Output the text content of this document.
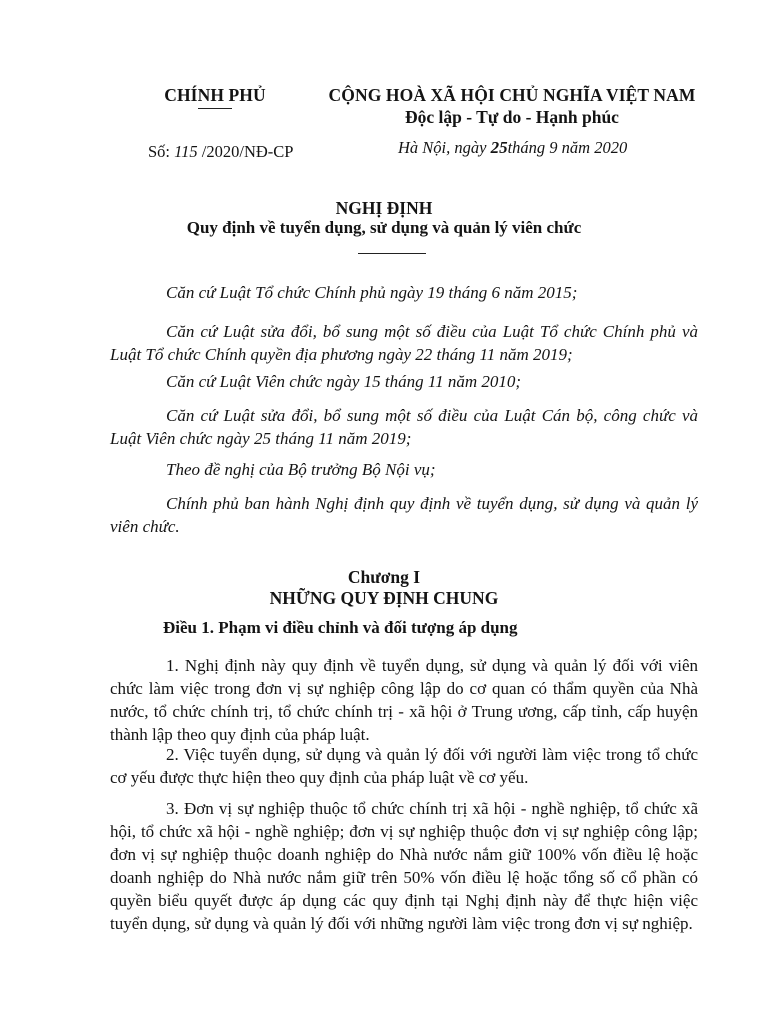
CHÍNH PHỦ
Số: 115 /2020/NĐ-CP
CỘNG HOÀ XÃ HỘI CHỦ NGHĨA VIỆT NAM
Độc lập - Tự do - Hạnh phúc
Hà Nội, ngày 25tháng 9 năm 2020
NGHỊ ĐỊNH
Quy định về tuyển dụng, sử dụng và quản lý viên chức

Căn cứ Luật Tổ chức Chính phủ ngày 19 tháng 6 năm 2015;

Căn cứ Luật sửa đổi, bổ sung một số điều của Luật Tổ chức Chính phủ và Luật Tổ chức Chính quyền địa phương ngày 22 tháng 11 năm 2019;

Căn cứ Luật Viên chức ngày 15 tháng 11 năm 2010;

Căn cứ Luật sửa đổi, bổ sung một số điều của Luật Cán bộ, công chức và Luật Viên chức ngày 25 tháng 11 năm 2019;

Theo đề nghị của Bộ trưởng Bộ Nội vụ;

Chính phủ ban hành Nghị định quy định về tuyển dụng, sử dụng và quản lý viên chức.

Chương I
NHỮNG QUY ĐỊNH CHUNG
Điều 1. Phạm vi điều chỉnh và đối tượng áp dụng

1. Nghị định này quy định về tuyển dụng, sử dụng và quản lý đối với viên chức làm việc trong đơn vị sự nghiệp công lập do cơ quan có thẩm quyền của Nhà nước, tổ chức chính trị, tổ chức chính trị - xã hội ở Trung ương, cấp tỉnh, cấp huyện thành lập theo quy định của pháp luật.

2. Việc tuyển dụng, sử dụng và quản lý đối với người làm việc trong tổ chức cơ yếu được thực hiện theo quy định của pháp luật về cơ yếu.

3. Đơn vị sự nghiệp thuộc tổ chức chính trị xã hội - nghề nghiệp, tổ chức xã hội, tổ chức xã hội - nghề nghiệp; đơn vị sự nghiệp thuộc đơn vị sự nghiệp công lập; đơn vị sự nghiệp thuộc doanh nghiệp do Nhà nước nắm giữ 100% vốn điều lệ hoặc doanh nghiệp do Nhà nước nắm giữ trên 50% vốn điều lệ hoặc tổng số cổ phần có quyền biểu quyết được áp dụng các quy định tại Nghị định này để thực hiện việc tuyển dụng, sử dụng và quản lý đối với những người làm việc trong đơn vị sự nghiệp.
